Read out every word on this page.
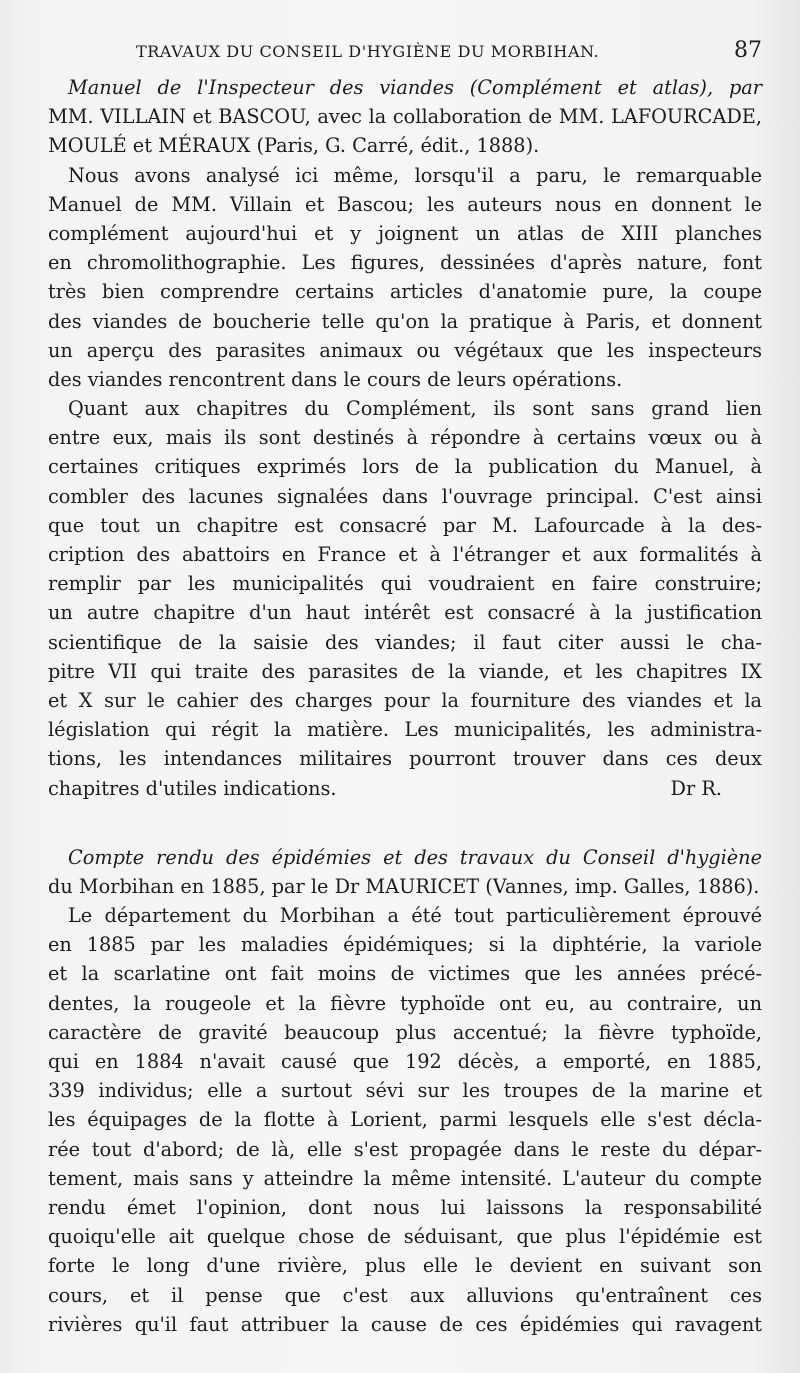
TRAVAUX DU CONSEIL D'HYGIÈNE DU MORBIHAN.	87
Manuel de l'Inspecteur des viandes (Complément et atlas), par
MM. VILLAIN et BASCOU, avec la collaboration de MM. LAFOURCADE,
MOULÉ et MÉRAUX (Paris, G. Carré, édit., 1888).
Nous avons analysé ici même, lorsqu'il a paru, le remarquable
Manuel de MM. Villain et Bascou; les auteurs nous en donnent le
complément aujourd'hui et y joignent un atlas de XIII planches
en chromolithographie. Les figures, dessinées d'après nature, font
très bien comprendre certains articles d'anatomie pure, la coupe
des viandes de boucherie telle qu'on la pratique à Paris, et donnent
un aperçu des parasites animaux ou végétaux que les inspecteurs
des viandes rencontrent dans le cours de leurs opérations.
Quant aux chapitres du Complément, ils sont sans grand lien
entre eux, mais ils sont destinés à répondre à certains vœux ou à
certaines critiques exprimés lors de la publication du Manuel, à
combler des lacunes signalées dans l'ouvrage principal. C'est ainsi
que tout un chapitre est consacré par M. Lafourcade à la des-
cription des abattoirs en France et à l'étranger et aux formalités à
remplir par les municipalités qui voudraient en faire construire;
un autre chapitre d'un haut intérêt est consacré à la justification
scientifique de la saisie des viandes; il faut citer aussi le cha-
pitre VII qui traite des parasites de la viande, et les chapitres IX
et X sur le cahier des charges pour la fourniture des viandes et la
législation qui régit la matière. Les municipalités, les administra-
tions, les intendances militaires pourront trouver dans ces deux
chapitres d'utiles indications.	Dr R.
Compte rendu des épidémies et des travaux du Conseil d'hygiène
du Morbihan en 1885, par le Dr MAURICET (Vannes, imp. Galles, 1886).
Le département du Morbihan a été tout particulièrement éprouvé
en 1885 par les maladies épidémiques; si la diphtérie, la variole
et la scarlatine ont fait moins de victimes que les années précé-
dentes, la rougeole et la fièvre typhoïde ont eu, au contraire, un
caractère de gravité beaucoup plus accentué; la fièvre typhoïde,
qui en 1884 n'avait causé que 192 décès, a emporté, en 1885,
339 individus; elle a surtout sévi sur les troupes de la marine et
les équipages de la flotte à Lorient, parmi lesquels elle s'est décla-
rée tout d'abord; de là, elle s'est propagée dans le reste du dépar-
tement, mais sans y atteindre la même intensité. L'auteur du compte
rendu émet l'opinion, dont nous lui laissons la responsabilité
quoiqu'elle ait quelque chose de séduisant, que plus l'épidémie est
forte le long d'une rivière, plus elle le devient en suivant son
cours, et il pense que c'est aux alluvions qu'entraînent ces
rivières qu'il faut attribuer la cause de ces épidémies qui ravagent
